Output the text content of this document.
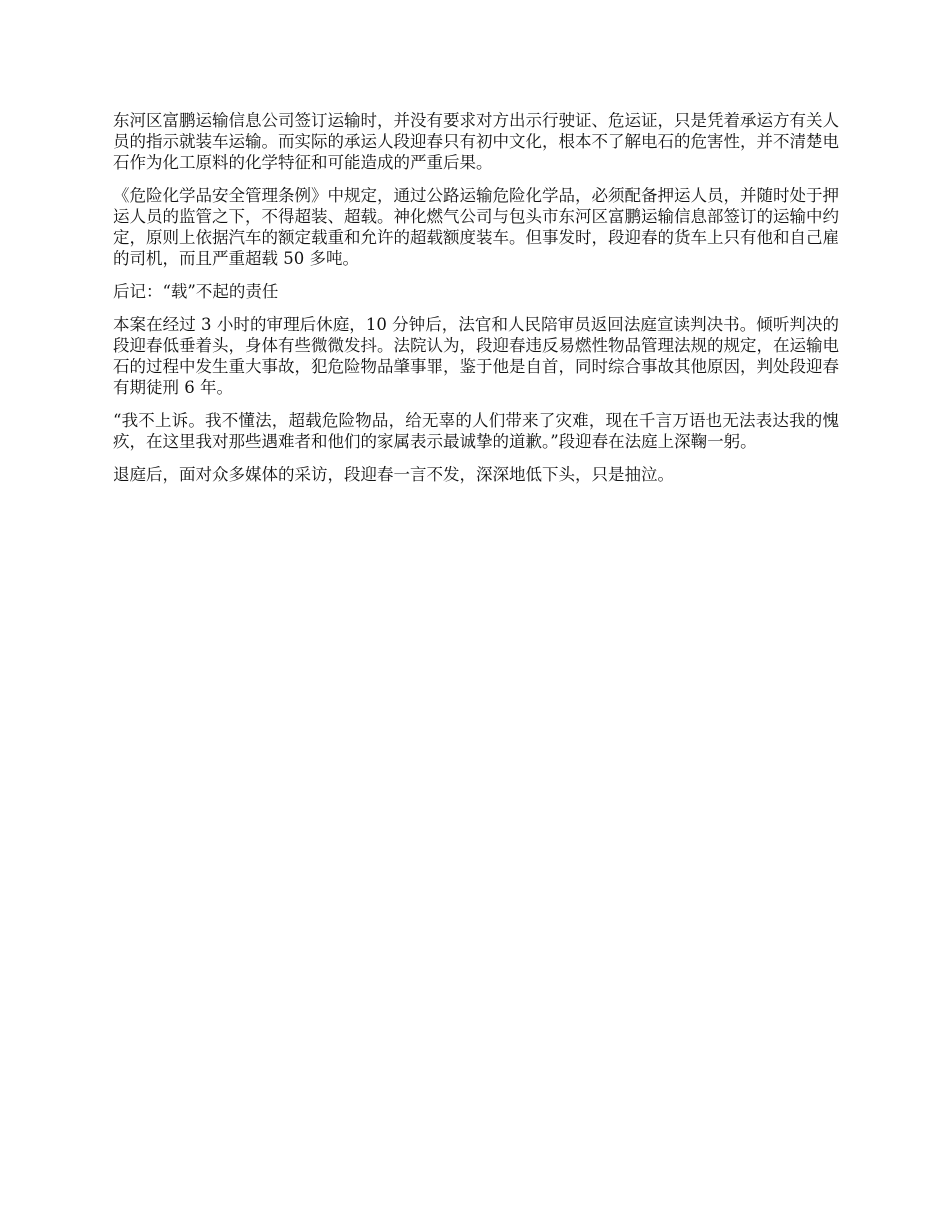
东河区富鹏运输信息公司签订运输时，并没有要求对方出示行驶证、危运证，只是凭着承运方有关人员的指示就装车运输。而实际的承运人段迎春只有初中文化，根本不了解电石的危害性，并不清楚电石作为化工原料的化学特征和可能造成的严重后果。

《危险化学品安全管理条例》中规定，通过公路运输危险化学品，必须配备押运人员，并随时处于押运人员的监管之下，不得超装、超载。神化燃气公司与包头市东河区富鹏运输信息部签订的运输中约定，原则上依据汽车的额定载重和允许的超载额度装车。但事发时，段迎春的货车上只有他和自己雇的司机，而且严重超载 50 多吨。

后记：“载”不起的责任

本案在经过 3 小时的审理后休庭，10 分钟后，法官和人民陪审员返回法庭宣读判决书。倾听判决的段迎春低垂着头，身体有些微微发抖。法院认为，段迎春违反易燃性物品管理法规的规定，在运输电石的过程中发生重大事故，犯危险物品肇事罪，鉴于他是自首，同时综合事故其他原因，判处段迎春有期徒刑 6 年。

“我不上诉。我不懂法，超载危险物品，给无辜的人们带来了灾难，现在千言万语也无法表达我的愧疚，在这里我对那些遇难者和他们的家属表示最诚挚的道歉。”段迎春在法庭上深鞠一躬。

退庭后，面对众多媒体的采访，段迎春一言不发，深深地低下头，只是抽泣。
